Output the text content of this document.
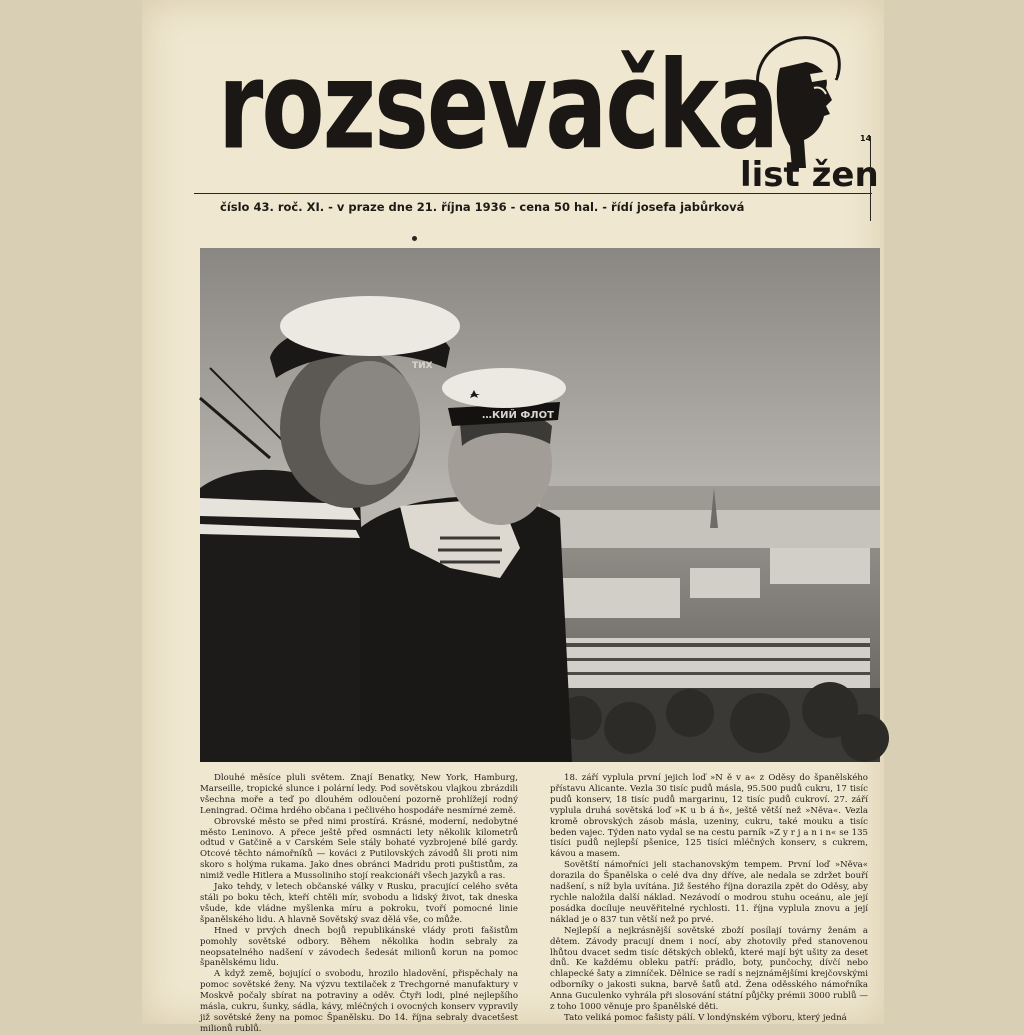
rozsevačka	14
list žen
číslo 43. roč. XI. - v praze dne 21. října 1936 - cena 50 hal. - řídí josefa jabůrková
…КИЙ ФЛОТ
ТИХ

Dlouhé měsíce pluli světem. Znají Benatky, New York, Hamburg, Marseille, tropické slunce i polární ledy. Pod sovětskou vlajkou zbrázdili všechna moře a teď po dlouhém odloučení pozorně prohlížejí rodný Leningrad. Očima hrdého občana i pečlivého hospodáře nesmírné země.

Obrovské město se před nimi prostírá. Krásné, moderní, nedobytné město Leninovo. A přece ještě před osmnácti lety několik kilometrů odtud v Gatčině a v Carském Sele stály bohaté vyzbrojené bílé gardy. Otcové těchto námořníků — kováci z Putilovských závodů šli proti nim skoro s holýma rukama. Jako dnes obránci Madridu proti puštistům, za nimiž vedle Hitlera a Mussoliniho stojí reakcionáři všech jazyků a ras.

Jako tehdy, v letech občanské války v Rusku, pracující celého světa stáli po boku těch, kteří chtěli mír, svobodu a lidský život, tak dneska všude, kde vládne myšlenka míru a pokroku, tvoří pomocné linie španělského lidu. A hlavně Sovětský svaz dělá vše, co může.

Hned v prvých dnech bojů republikánské vlády proti fašistům pomohly sovětské odbory. Během několika hodin sebraly za neopsatelného nadšení v závodech šedesát milionů korun na pomoc španělskému lidu.

A když země, bojující o svobodu, hrozilo hladovění, přispěchaly na pomoc sovětské ženy. Na výzvu textilaček z Trechgorné manufaktury v Moskvě počaly sbírat na potraviny a oděv. Čtyři lodi, plné nejlepšího másla, cukru, šunky, sádla, kávy, mléčných i ovocných konserv vypravily již sovětské ženy na pomoc Španělsku. Do 14. října sebraly dvacetšest milionů rublů.

18. září vyplula první jejich loď »N ě v a« z Oděsy do španělského přístavu Alicante. Vezla 30 tisíc pudů másla, 95.500 pudů cukru, 17 tisíc pudů konserv, 18 tisíc pudů margarinu, 12 tisíc pudů cukroví. 27. září vyplula druhá sovětská loď »K u b á ň«, ještě větší než »Něva«. Vezla kromě obrovských zásob másla, uzeniny, cukru, také mouku a tisíc beden vajec. Týden nato vydal se na cestu parník »Z y r j a n i n« se 135 tisíci pudů nejlepší pšenice, 125 tisíci mléčných konserv, s cukrem, kávou a masem.

Sovětští námořníci jeli stachanovským tempem. První loď »Něva« dorazila do Španělska o celé dva dny dříve, ale nedala se zdržet bouří nadšení, s níž byla uvítána. Již šestého října dorazila zpět do Oděsy, aby rychle naložila další náklad. Nezávodí o modrou stuhu oceánu, ale její posádka docíluje neuvěřitelné rychlosti. 11. října vyplula znovu a její náklad je o 837 tun větší než po prvé.

Nejlepší a nejkrásnější sovětské zboží posílají továrny ženám a dětem. Závody pracují dnem i nocí, aby zhotovily před stanovenou lhůtou dvacet sedm tisíc dětských obleků, které mají být ušity za deset dnů. Ke každému obleku patří: prádlo, boty, punčochy, dívčí nebo chlapecké šaty a zimníček. Dělnice se radí s nejznámějšími krejčovskými odborníky o jakosti sukna, barvě šatů atd. Žena oděsského námořníka Anna Guculenko vyhrála při slosování státní půjčky prémii 3000 rublů — z toho 1000 věnuje pro španělské děti.

Tato veliká pomoc fašisty pálí. V londýnském výboru, který jedná
